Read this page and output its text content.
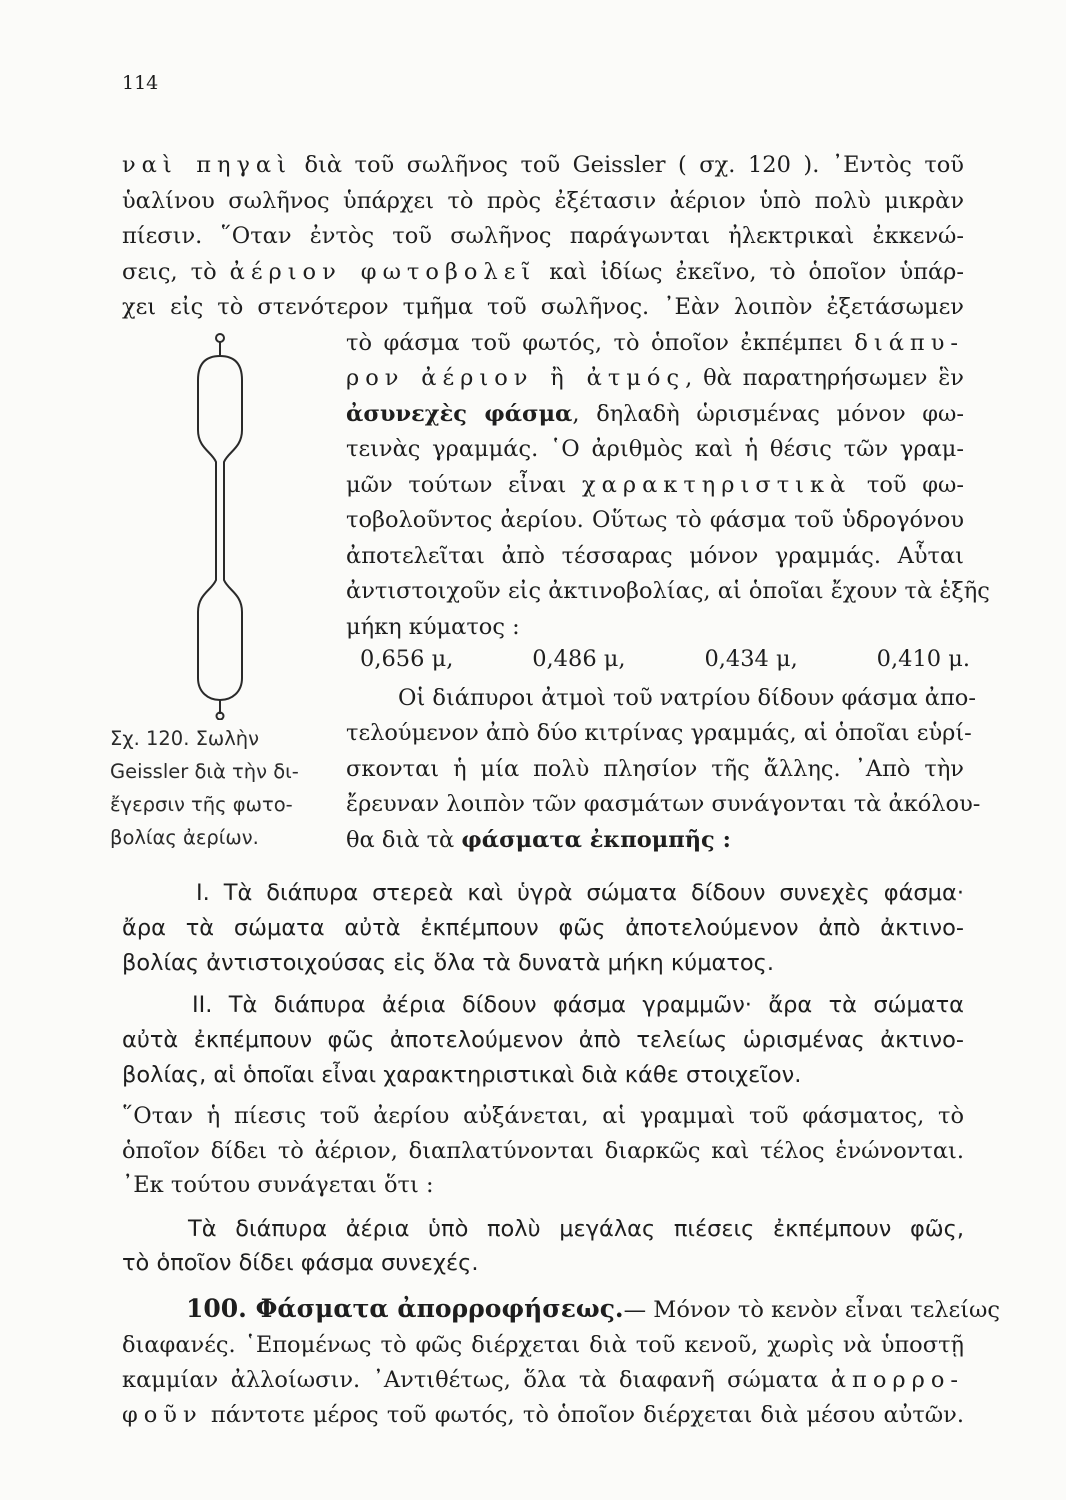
114
ναὶ πηγαὶ διὰ τοῦ σωλῆνος τοῦ Geissler ( σχ. 120 ). ᾿Εντὸς τοῦ
ὑαλίνου σωλῆνος ὑπάρχει τὸ πρὸς ἐξέτασιν ἀέριον ὑπὸ πολὺ μικρὰν
πίεσιν. ῞Οταν ἐντὸς τοῦ σωλῆνος παράγωνται ἠλεκτρικαὶ ἐκκενώ-
σεις, τὸ ἀέριον φωτοβολεῖ καὶ ἰδίως ἐκεῖνο, τὸ ὁποῖον ὑπάρ-
χει εἰς τὸ στενότερον τμῆμα τοῦ σωλῆνος. ᾿Εὰν λοιπὸν ἐξετάσωμεν
τὸ φάσμα τοῦ φωτός, τὸ ὁποῖον ἐκπέμπει διάπυ-
ρον ἀέριον ἢ ἀτμός, θὰ παρατηρήσωμεν ἓν
ἀσυνεχὲς φάσμα, δηλαδὴ ὡρισμένας μόνον φω-
τεινὰς γραμμάς. ῾Ο ἀριθμὸς καὶ ἡ θέσις τῶν γραμ-
μῶν τούτων εἶναι χαρακτηριστικὰ τοῦ φω-
τοβολοῦντος ἀερίου. Οὕτως τὸ φάσμα τοῦ ὑδρογόνου
ἀποτελεῖται ἀπὸ τέσσαρας μόνον γραμμάς. Αὗται
ἀντιστοιχοῦν εἰς ἀκτινοβολίας, αἱ ὁποῖαι ἔχουν τὰ ἑξῆς
μήκη κύματος :
0,656 μ,	0,486 μ,	0,434 μ,	0,410 μ.
Οἱ διάπυροι ἀτμοὶ τοῦ νατρίου δίδουν φάσμα ἀπο-
τελούμενον ἀπὸ δύο κιτρίνας γραμμάς, αἱ ὁποῖαι εὑρί-
σκονται ἡ μία πολὺ πλησίον τῆς ἄλλης. ᾿Απὸ τὴν
ἔρευναν λοιπὸν τῶν φασμάτων συνάγονται τὰ ἀκόλου-
θα διὰ τὰ φάσματα ἐκπομπῆς :
Σχ. 120. Σωλὴν
Geissler διὰ τὴν δι-
ἔγερσιν τῆς φωτο-
βολίας ἀερίων.
I. Τὰ διάπυρα στερεὰ καὶ ὑγρὰ σώματα δίδουν συνεχὲς φάσμα·
ἄρα τὰ σώματα αὐτὰ ἐκπέμπουν φῶς ἀποτελούμενον ἀπὸ ἀκτινο-
βολίας ἀντιστοιχούσας εἰς ὅλα τὰ δυνατὰ μήκη κύματος.
II. Τὰ διάπυρα ἀέρια δίδουν φάσμα γραμμῶν· ἄρα τὰ σώματα
αὐτὰ ἐκπέμπουν φῶς ἀποτελούμενον ἀπὸ τελείως ὡρισμένας ἀκτινο-
βολίας, αἱ ὁποῖαι εἶναι χαρακτηριστικαὶ διὰ κάθε στοιχεῖον.
῞Οταν ἡ πίεσις τοῦ ἀερίου αὐξάνεται, αἱ γραμμαὶ τοῦ φάσματος, τὸ
ὁποῖον δίδει τὸ ἀέριον, διαπλατύνονται διαρκῶς καὶ τέλος ἑνώνονται.
᾿Εκ τούτου συνάγεται ὅτι :
Τὰ διάπυρα ἀέρια ὑπὸ πολὺ μεγάλας πιέσεις ἐκπέμπουν φῶς,
τὸ ὁποῖον δίδει φάσμα συνεχές.
100. Φάσματα ἀπορροφήσεως.— Μόνον τὸ κενὸν εἶναι τελείως
διαφανές. ῾Επομένως τὸ φῶς διέρχεται διὰ τοῦ κενοῦ, χωρὶς νὰ ὑποστῇ
καμμίαν ἀλλοίωσιν. ᾿Αντιθέτως, ὅλα τὰ διαφανῆ σώματα ἀπορρο-
φοῦν πάντοτε μέρος τοῦ φωτός, τὸ ὁποῖον διέρχεται διὰ μέσου αὐτῶν.
